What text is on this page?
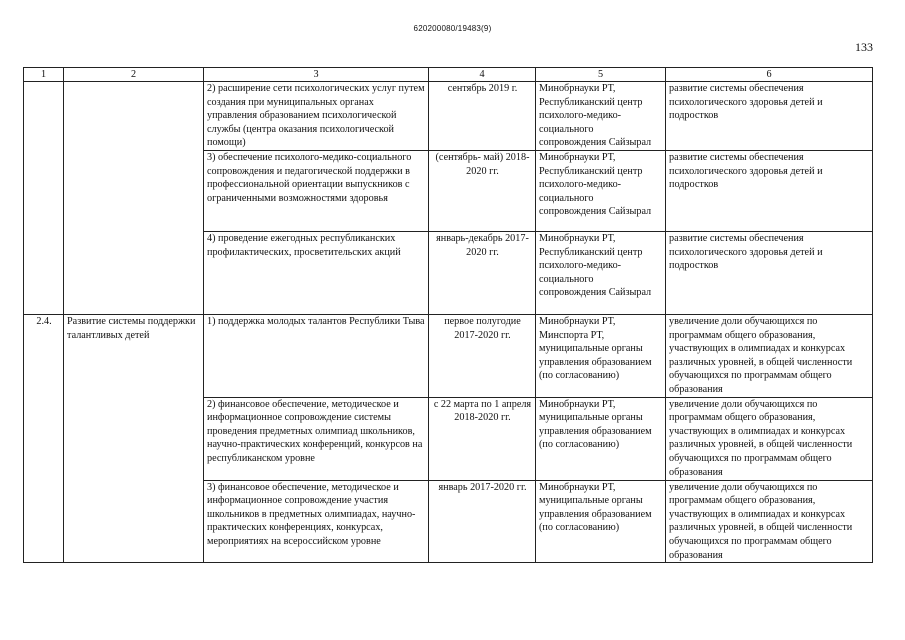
620200080/19483(9)
133
1	2	3	4	5	6
		2) расширение сети психологических услуг путем создания при муниципальных органах управления образованием психологической службы (центра оказания психологической помощи)	сентябрь 2019 г.	Минобрнауки РТ, Республиканский центр психолого-медико-социального сопровождения Сайзырал	развитие системы обеспечения психологического здоровья детей и подростков
		3) обеспечение психолого-медико-социального сопровождения и педагогической поддержки в профессиональной ориентации выпускников с ограниченными возможностями здоровья	(сентябрь- май) 2018-2020 гг.	Минобрнауки РТ, Республиканский центр психолого-медико-социального сопровождения Сайзырал	развитие системы обеспечения психологического здоровья детей и подростков
		4) проведение ежегодных республиканских профилактических, просветительских акций	январь-декабрь 2017-2020 гг.	Минобрнауки РТ, Республиканский центр психолого-медико-социального сопровождения Сайзырал	развитие системы обеспечения психологического здоровья детей и подростков
2.4.	Развитие системы поддержки талантливых детей	1) поддержка молодых талантов Республики Тыва	первое полугодие 2017-2020 гг.	Минобрнауки РТ, Минспорта РТ, муниципальные органы управления образованием (по согласованию)	увеличение доли обучающихся по программам общего образования, участвующих в олимпиадах и конкурсах различных уровней, в общей численности обучающихся по программам общего образования
		2) финансовое обеспечение, методическое и информационное сопровождение системы проведения предметных олимпиад школьников, научно-практических конференций, конкурсов на республиканском уровне	с 22 марта по 1 апреля 2018-2020 гг.	Минобрнауки РТ, муниципальные органы управления образованием (по согласованию)	увеличение доли обучающихся по программам общего образования, участвующих в олимпиадах и конкурсах различных уровней, в общей численности обучающихся по программам общего образования
		3) финансовое обеспечение, методическое и информационное сопровождение участия школьников в предметных олимпиадах, научно-практических конференциях, конкурсах, мероприятиях на всероссийском уровне	январь 2017-2020 гг.	Минобрнауки РТ, муниципальные органы управления образованием (по согласованию)	увеличение доли обучающихся по программам общего образования, участвующих в олимпиадах и конкурсах различных уровней, в общей численности обучающихся по программам общего образования
